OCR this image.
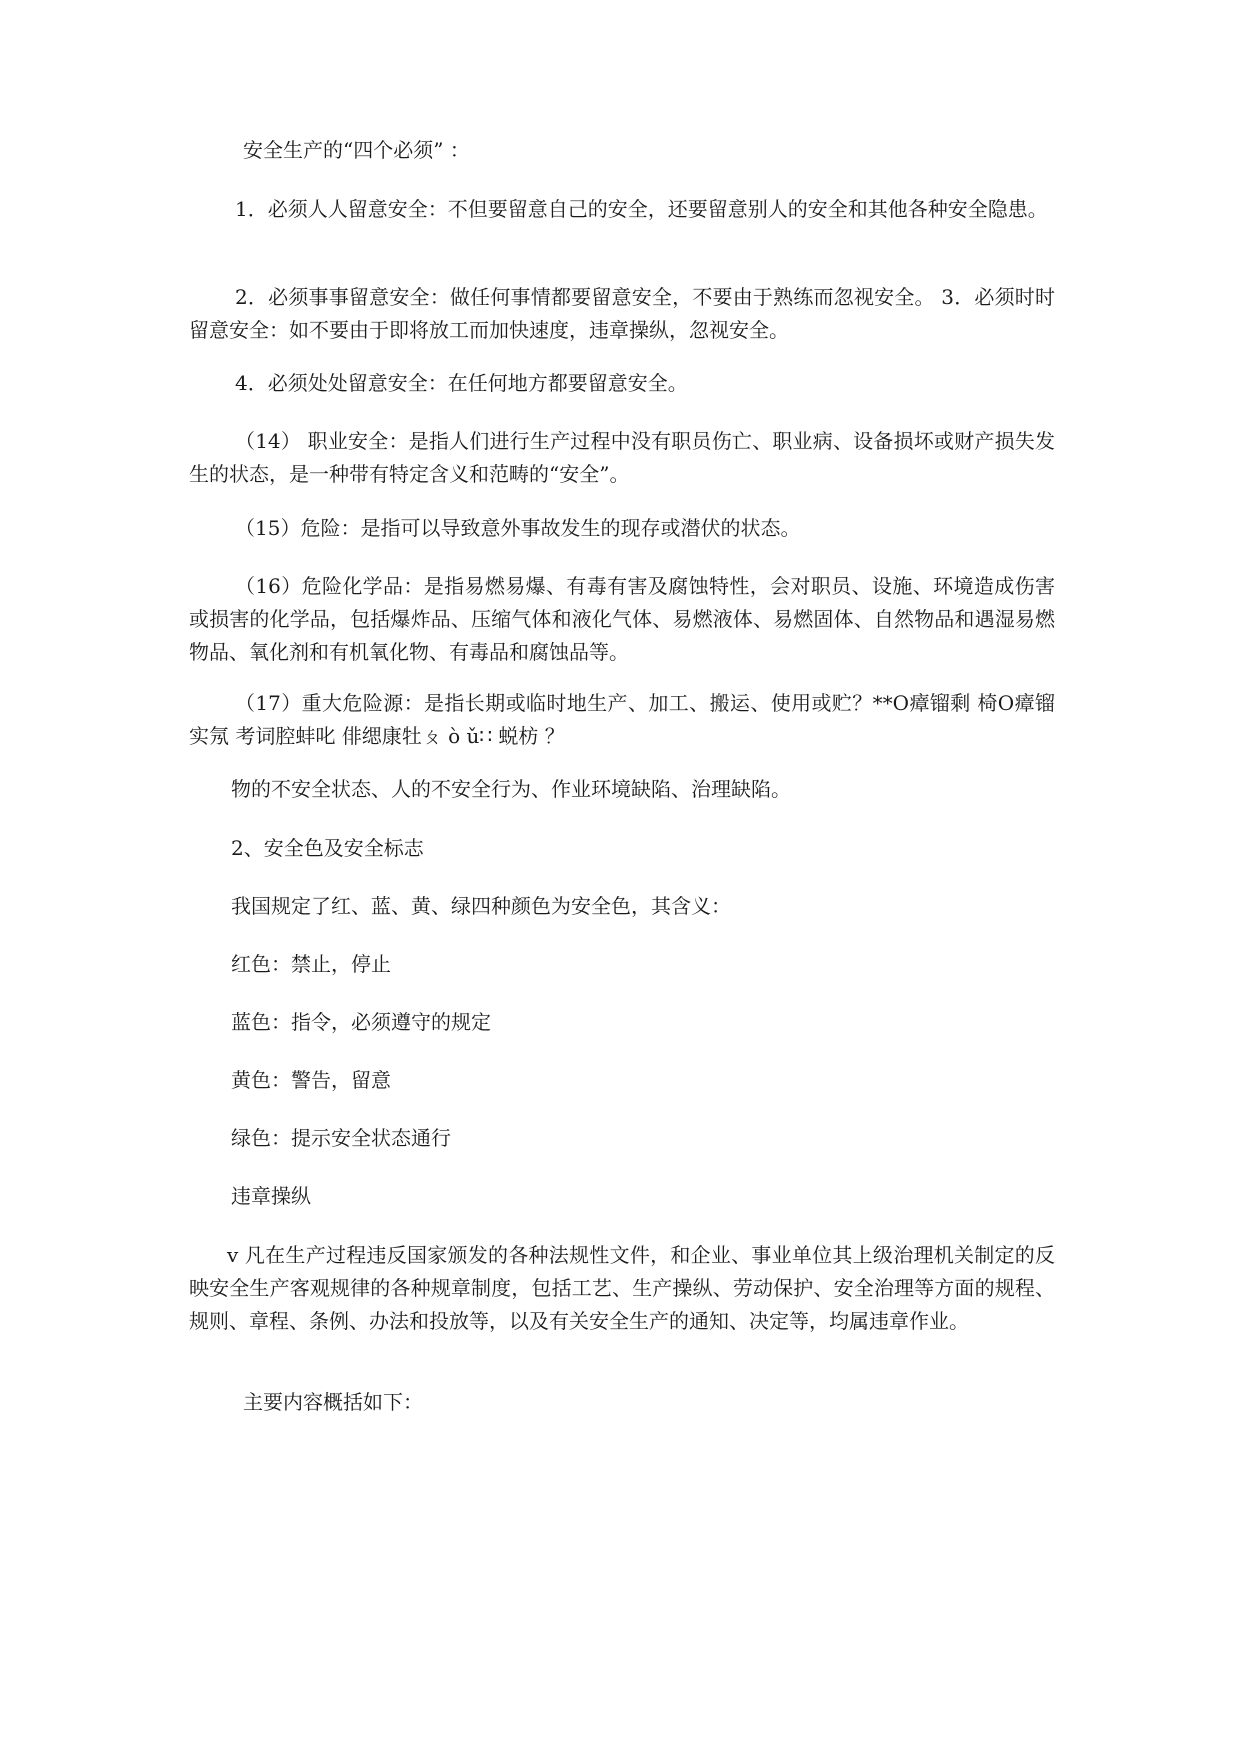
安全生产的“四个必须” ：

1．必须人人留意安全：不但要留意自己的安全，还要留意别人的安全和其他各种安全隐患。

2．必须事事留意安全：做任何事情都要留意安全，不要由于熟练而忽视安全。 3．必须时时留意安全：如不要由于即将放工而加快速度，违章操纵，忽视安全。

4．必须处处留意安全：在任何地方都要留意安全。

（14） 职业安全：是指人们进行生产过程中没有职员伤亡、职业病、设备损坏或财产损失发生的状态，是一种带有特定含义和范畴的“安全”。

（15）危险：是指可以导致意外事故发生的现存或潜伏的状态。

（16）危险化学品：是指易燃易爆、有毒有害及腐蚀特性，会对职员、设施、环境造成伤害或损害的化学品，包括爆炸品、压缩气体和液化气体、易燃液体、易燃固体、自然物品和遇湿易燃物品、氧化剂和有机氧化物、有毒品和腐蚀品等。

（17）重大危险源：是指长期或临时地生产、加工、搬运、使用或贮？**О瘴镏剩 椅О瘴镏实氖 考词腔蚌叱 俳缌康牡ㄆ ò ǔ∷ 蜕枋 ？

物的不安全状态、人的不安全行为、作业环境缺陷、治理缺陷。

2、安全色及安全标志

我国规定了红、蓝、黄、绿四种颜色为安全色，其含义：

红色：禁止，停止

蓝色：指令，必须遵守的规定

黄色：警告，留意

绿色：提示安全状态通行

违章操纵

v 凡在生产过程违反国家颁发的各种法规性文件，和企业、事业单位其上级治理机关制定的反映安全生产客观规律的各种规章制度，包括工艺、生产操纵、劳动保护、安全治理等方面的规程、规则、章程、条例、办法和投放等，以及有关安全生产的通知、决定等，均属违章作业。

主要内容概括如下：
